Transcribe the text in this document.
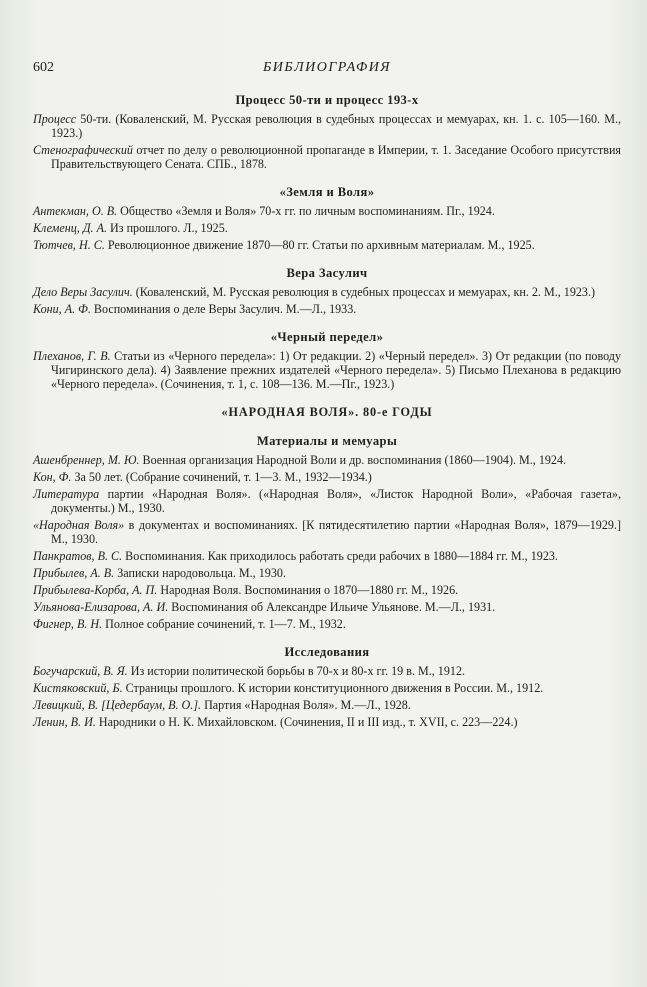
602	БИБЛИОГРАФИЯ
Процесс 50-ти и процесс 193-х

Процесс 50-ти. (Коваленский, М. Русская революция в судебных процессах и мемуарах, кн. 1. с. 105—160. М., 1923.)

Стенографический отчет по делу о революционной пропаганде в Империи, т. 1. Заседание Особого присутствия Правительствующего Сената. СПБ., 1878.

«Земля и Воля»

Антекман, О. В. Общество «Земля и Воля» 70-х гг. по личным воспоминаниям. Пг., 1924.

Клеменц, Д. А. Из прошлого. Л., 1925.

Тютчев, Н. С. Революционное движение 1870—80 гг. Статьи по архивным материалам. М., 1925.

Вера Засулич

Дело Веры Засулич. (Коваленский, М. Русская революция в судебных процессах и мемуарах, кн. 2. М., 1923.)

Кони, А. Ф. Воспоминания о деле Веры Засулич. М.—Л., 1933.

«Черный передел»

Плеханов, Г. В. Статьи из «Черного передела»: 1) От редакции. 2) «Черный передел». 3) От редакции (по поводу Чигиринского дела). 4) Заявление прежних издателей «Черного передела». 5) Письмо Плеханова в редакцию «Черного передела». (Сочинения, т. 1, с. 108—136. М.—Пг., 1923.)

«НАРОДНАЯ ВОЛЯ». 80-е ГОДЫ
Материалы и мемуары

Ашенбреннер, М. Ю. Военная организация Народной Воли и др. воспоминания (1860—1904). М., 1924.

Кон, Ф. За 50 лет. (Собрание сочинений, т. 1—3. М., 1932—1934.)

Литература партии «Народная Воля». («Народная Воля», «Листок Народной Воли», «Рабочая газета», документы.) М., 1930.

«Народная Воля» в документах и воспоминаниях. [К пятидесятилетию партии «Народная Воля», 1879—1929.] М., 1930.

Панкратов, В. С. Воспоминания. Как приходилось работать среди рабочих в 1880—1884 гг. М., 1923.

Прибылев, А. В. Записки народовольца. М., 1930.

Прибылева-Корба, А. П. Народная Воля. Воспоминания о 1870—1880 гг. М., 1926.

Ульянова-Елизарова, А. И. Воспоминания об Александре Ильиче Ульянове. М.—Л., 1931.

Фигнер, В. Н. Полное собрание сочинений, т. 1—7. М., 1932.

Исследования

Богучарский, В. Я. Из истории политической борьбы в 70-х и 80-х гг. 19 в. М., 1912.

Кистяковский, Б. Страницы прошлого. К истории конституционного движения в России. М., 1912.

Левицкий, В. [Цедербаум, В. О.]. Партия «Народная Воля». М.—Л., 1928.

Ленин, В. И. Народники о Н. К. Михайловском. (Сочинения, II и III изд., т. XVII, с. 223—224.)
